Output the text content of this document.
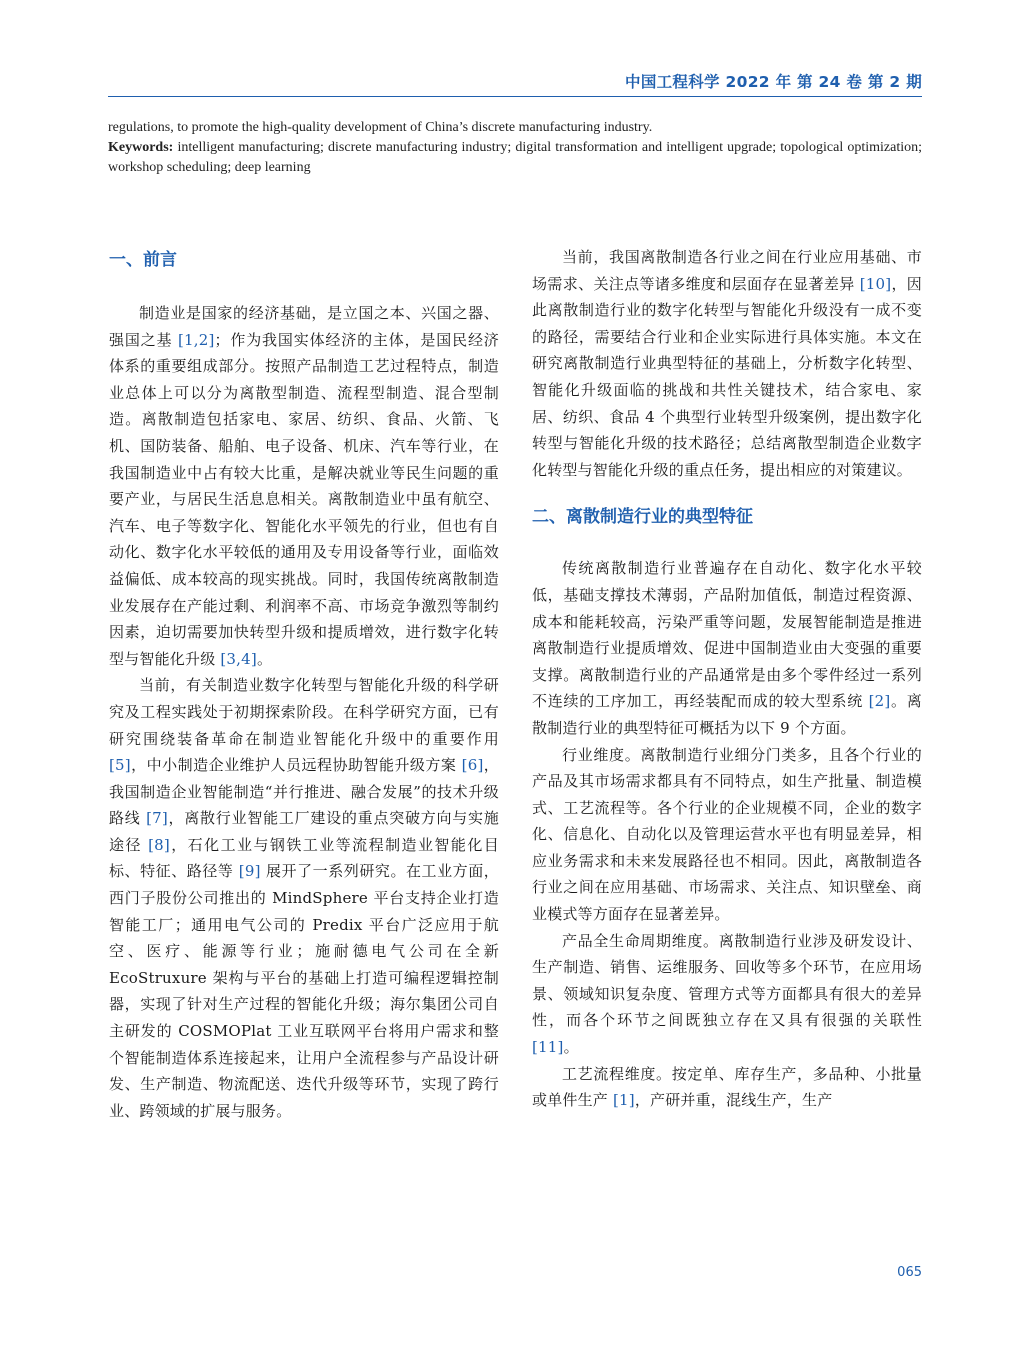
中国工程科学 2022 年 第 24 卷 第 2 期

regulations, to promote the high-quality development of China’s discrete manufacturing industry.

Keywords: intelligent manufacturing; discrete manufacturing industry; digital transformation and intelligent upgrade; topological optimization; workshop scheduling; deep learning

一、前言

制造业是国家的经济基础，是立国之本、兴国之器、强国之基 [1,2]；作为我国实体经济的主体，是国民经济体系的重要组成部分。按照产品制造工艺过程特点，制造业总体上可以分为离散型制造、流程型制造、混合型制造。离散制造包括家电、家居、纺织、食品、火箭、飞机、国防装备、船舶、电子设备、机床、汽车等行业，在我国制造业中占有较大比重，是解决就业等民生问题的重要产业，与居民生活息息相关。离散制造业中虽有航空、汽车、电子等数字化、智能化水平领先的行业，但也有自动化、数字化水平较低的通用及专用设备等行业，面临效益偏低、成本较高的现实挑战。同时，我国传统离散制造业发展存在产能过剩、利润率不高、市场竞争激烈等制约因素，迫切需要加快转型升级和提质增效，进行数字化转型与智能化升级 [3,4]。

当前，有关制造业数字化转型与智能化升级的科学研究及工程实践处于初期探索阶段。在科学研究方面，已有研究围绕装备革命在制造业智能化升级中的重要作用 [5]，中小制造企业维护人员远程协助智能升级方案 [6]，我国制造企业智能制造“并行推进、融合发展”的技术升级路线 [7]，离散行业智能工厂建设的重点突破方向与实施途径 [8]，石化工业与钢铁工业等流程制造业智能化目标、特征、路径等 [9] 展开了一系列研究。在工业方面，西门子股份公司推出的 MindSphere 平台支持企业打造智能工厂；通用电气公司的 Predix 平台广泛应用于航空、医疗、能源等行业；施耐德电气公司在全新 EcoStruxure 架构与平台的基础上打造可编程逻辑控制器，实现了针对生产过程的智能化升级；海尔集团公司自主研发的 COSMOPlat 工业互联网平台将用户需求和整个智能制造体系连接起来，让用户全流程参与产品设计研发、生产制造、物流配送、迭代升级等环节，实现了跨行业、跨领域的扩展与服务。

当前，我国离散制造各行业之间在行业应用基础、市场需求、关注点等诸多维度和层面存在显著差异 [10]，因此离散制造行业的数字化转型与智能化升级没有一成不变的路径，需要结合行业和企业实际进行具体实施。本文在研究离散制造行业典型特征的基础上，分析数字化转型、智能化升级面临的挑战和共性关键技术，结合家电、家居、纺织、食品 4 个典型行业转型升级案例，提出数字化转型与智能化升级的技术路径；总结离散型制造企业数字化转型与智能化升级的重点任务，提出相应的对策建议。

二、离散制造行业的典型特征

传统离散制造行业普遍存在自动化、数字化水平较低，基础支撑技术薄弱，产品附加值低，制造过程资源、成本和能耗较高，污染严重等问题，发展智能制造是推进离散制造行业提质增效、促进中国制造业由大变强的重要支撑。离散制造行业的产品通常是由多个零件经过一系列不连续的工序加工，再经装配而成的较大型系统 [2]。离散制造行业的典型特征可概括为以下 9 个方面。

行业维度。离散制造行业细分门类多，且各个行业的产品及其市场需求都具有不同特点，如生产批量、制造模式、工艺流程等。各个行业的企业规模不同，企业的数字化、信息化、自动化以及管理运营水平也有明显差异，相应业务需求和未来发展路径也不相同。因此，离散制造各行业之间在应用基础、市场需求、关注点、知识壁垒、商业模式等方面存在显著差异。

产品全生命周期维度。离散制造行业涉及研发设计、生产制造、销售、运维服务、回收等多个环节，在应用场景、领域知识复杂度、管理方式等方面都具有很大的差异性，而各个环节之间既独立存在又具有很强的关联性 [11]。

工艺流程维度。按定单、库存生产，多品种、小批量或单件生产 [1]，产研并重，混线生产，生产

065
